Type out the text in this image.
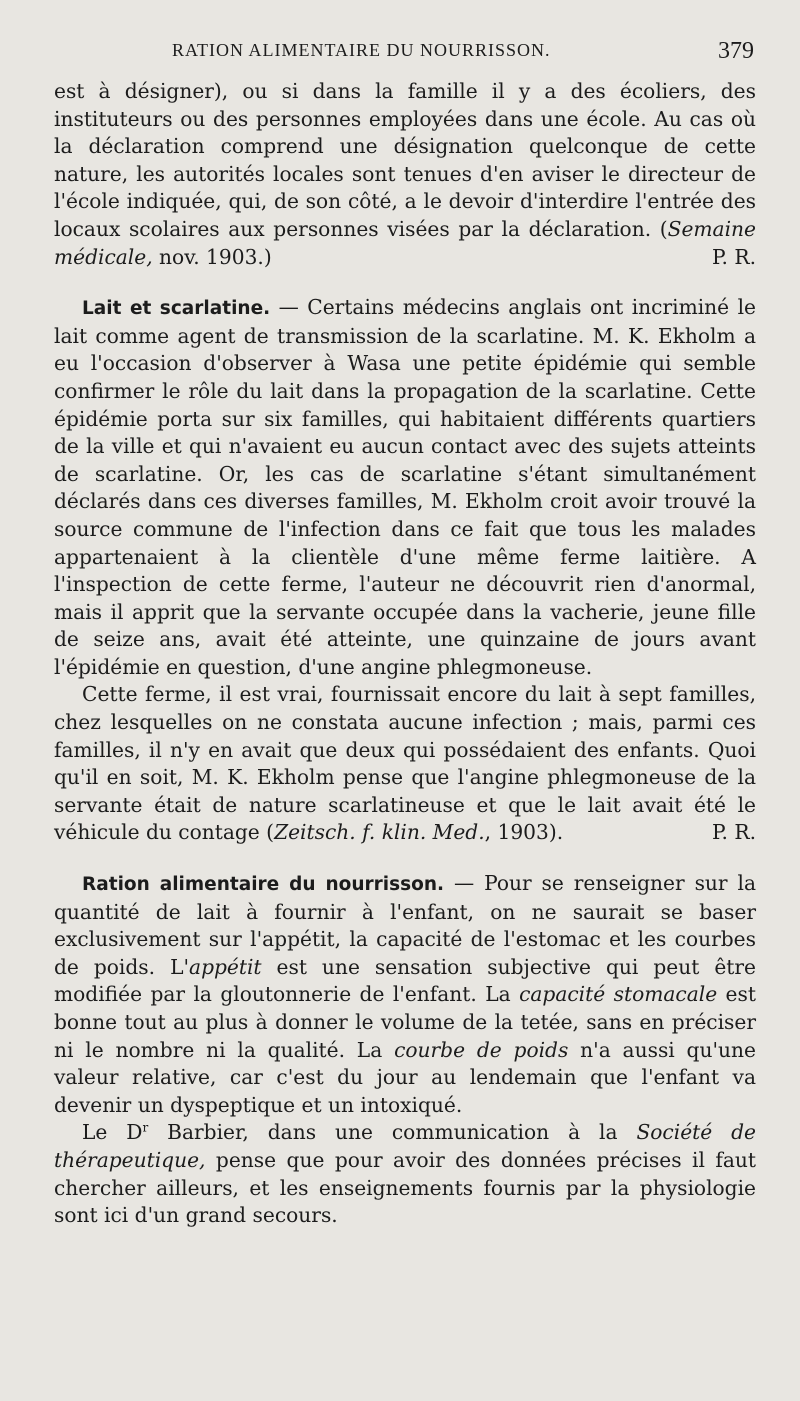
RATION ALIMENTAIRE DU NOURRISSON.	379

est à désigner), ou si dans la famille il y a des écoliers, des instituteurs ou des personnes employées dans une école. Au cas où la déclaration comprend une désignation quelconque de cette nature, les autorités locales sont tenues d'en aviser le directeur de l'école indiquée, qui, de son côté, a le devoir d'interdire l'entrée des locaux scolaires aux personnes visées par la déclaration. (Semaine médicale, nov. 1903.)	P. R.

Lait et scarlatine. — Certains médecins anglais ont incriminé le lait comme agent de transmission de la scarlatine. M. K. Ekholm a eu l'occasion d'observer à Wasa une petite épidémie qui semble confirmer le rôle du lait dans la propagation de la scarlatine. Cette épidémie porta sur six familles, qui habitaient différents quartiers de la ville et qui n'avaient eu aucun contact avec des sujets atteints de scarlatine. Or, les cas de scarlatine s'étant simultanément déclarés dans ces diverses familles, M. Ekholm croit avoir trouvé la source commune de l'infection dans ce fait que tous les malades appartenaient à la clientèle d'une même ferme laitière. A l'inspection de cette ferme, l'auteur ne découvrit rien d'anormal, mais il apprit que la servante occupée dans la vacherie, jeune fille de seize ans, avait été atteinte, une quinzaine de jours avant l'épidémie en question, d'une angine phlegmoneuse.

Cette ferme, il est vrai, fournissait encore du lait à sept familles, chez lesquelles on ne constata aucune infection ; mais, parmi ces familles, il n'y en avait que deux qui possédaient des enfants. Quoi qu'il en soit, M. K. Ekholm pense que l'angine phlegmoneuse de la servante était de nature scarlatineuse et que le lait avait été le véhicule du contage (Zeitsch. f. klin. Med., 1903).	P. R.

Ration alimentaire du nourrisson. — Pour se renseigner sur la quantité de lait à fournir à l'enfant, on ne saurait se baser exclusivement sur l'appétit, la capacité de l'estomac et les courbes de poids. L'appétit est une sensation subjective qui peut être modifiée par la gloutonnerie de l'enfant. La capacité stomacale est bonne tout au plus à donner le volume de la tetée, sans en préciser ni le nombre ni la qualité. La courbe de poids n'a aussi qu'une valeur relative, car c'est du jour au lendemain que l'enfant va devenir un dyspeptique et un intoxiqué.

Le $D^r$ Barbier, dans une communication à la Société de thérapeutique, pense que pour avoir des données précises il faut chercher ailleurs, et les enseignements fournis par la physiologie sont ici d'un grand secours.
